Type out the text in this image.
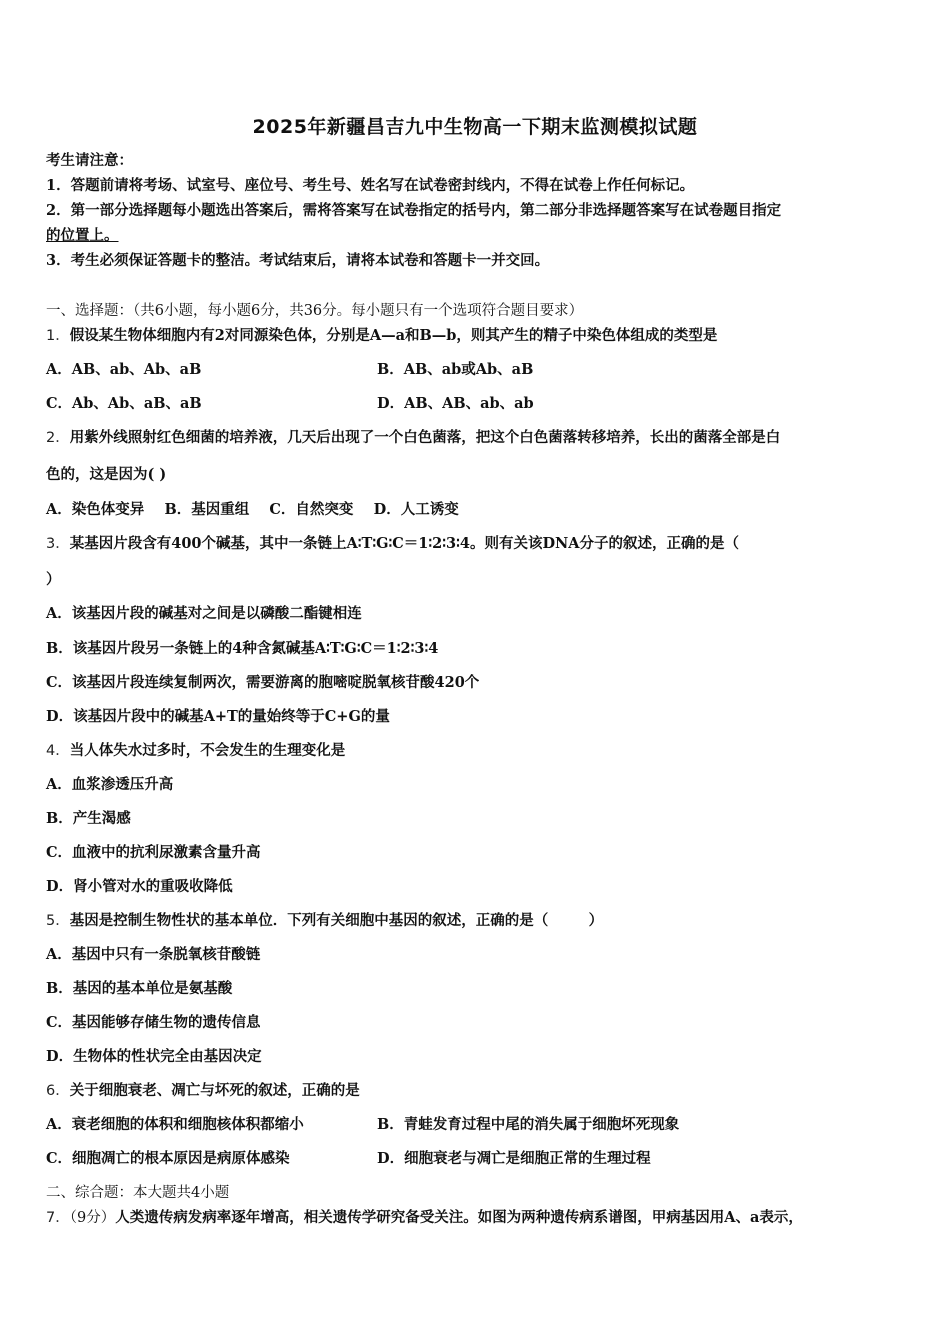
2025年新疆昌吉九中生物高一下期末监测模拟试题
考生请注意：
1．答题前请将考场、试室号、座位号、考生号、姓名写在试卷密封线内，不得在试卷上作任何标记。
2．第一部分选择题每小题选出答案后，需将答案写在试卷指定的括号内，第二部分非选择题答案写在试卷题目指定
的位置上。
3．考生必须保证答题卡的整洁。考试结束后，请将本试卷和答题卡一并交回。
一、选择题：（共6小题，每小题6分，共36分。每小题只有一个选项符合题目要求）
1．假设某生物体细胞内有2对同源染色体，分别是A—a和B—b，则其产生的精子中染色体组成的类型是
A．AB、ab、Ab、aB	B．AB、ab或Ab、aB
C．Ab、Ab、aB、aB	D．AB、AB、ab、ab
2．用紫外线照射红色细菌的培养液，几天后出现了一个白色菌落，把这个白色菌落转移培养，长出的菌落全部是白
色的，这是因为( )
A．染色体变异    B．基因重组    C．自然突变    D．人工诱变
3．某基因片段含有400个碱基，其中一条链上A∶T∶G∶C＝1∶2∶3∶4。则有关该DNA分子的叙述，正确的是（
）
A．该基因片段的碱基对之间是以磷酸二酯键相连
B．该基因片段另一条链上的4种含氮碱基A∶T∶G∶C＝1∶2∶3∶4
C．该基因片段连续复制两次，需要游离的胞嘧啶脱氧核苷酸420个
D．该基因片段中的碱基A+T的量始终等于C+G的量
4．当人体失水过多时，不会发生的生理变化是
A．血浆渗透压升高
B．产生渴感
C．血液中的抗利尿激素含量升高
D．肾小管对水的重吸收降低
5．基因是控制生物性状的基本单位．下列有关细胞中基因的叙述，正确的是（        ）
A．基因中只有一条脱氧核苷酸链
B．基因的基本单位是氨基酸
C．基因能够存储生物的遗传信息
D．生物体的性状完全由基因决定
6．关于细胞衰老、凋亡与坏死的叙述，正确的是
A．衰老细胞的体积和细胞核体积都缩小	B．青蛙发育过程中尾的消失属于细胞坏死现象
C．细胞凋亡的根本原因是病原体感染	D．细胞衰老与凋亡是细胞正常的生理过程
二、综合题：本大题共4小题
7．（9分）人类遗传病发病率逐年增高，相关遗传学研究备受关注。如图为两种遗传病系谱图，甲病基因用A、a表示，
